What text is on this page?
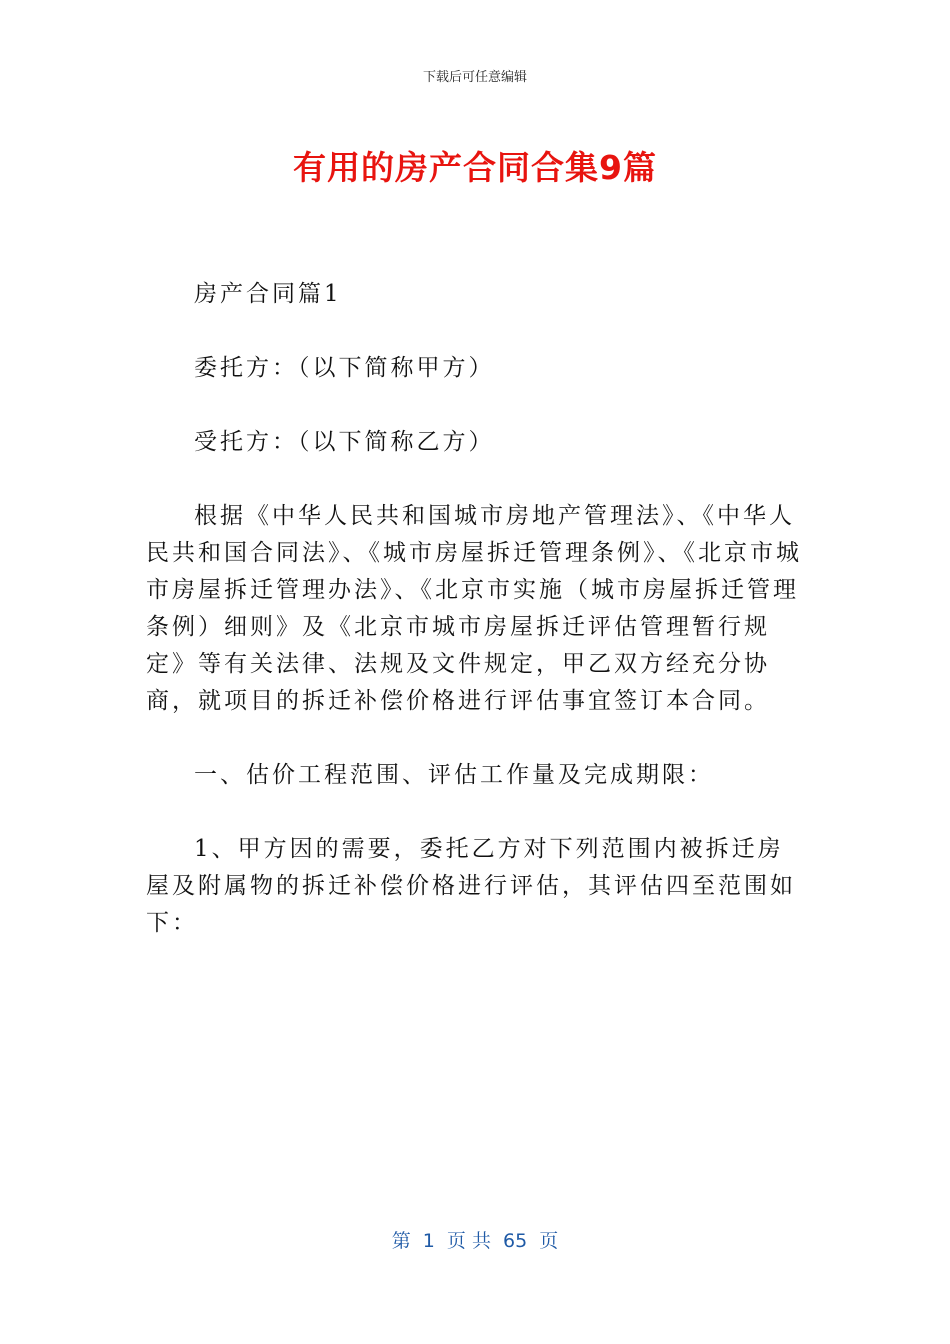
下载后可任意编辑
有用的房产合同合集9篇

房产合同篇1

委托方：（以下简称甲方）

受托方：（以下简称乙方）

根据《中华人民共和国城市房地产管理法》、《中华人民共和国合同法》、《城市房屋拆迁管理条例》、《北京市城市房屋拆迁管理办法》、《北京市实施（城市房屋拆迁管理条例）细则》及《北京市城市房屋拆迁评估管理暂行规定》等有关法律、法规及文件规定，甲乙双方经充分协商，就项目的拆迁补偿价格进行评估事宜签订本合同。

一、估价工程范围、评估工作量及完成期限：

1、甲方因的需要，委托乙方对下列范围内被拆迁房屋及附属物的拆迁补偿价格进行评估，其评估四至范围如下：

第  1  页 共  65  页
